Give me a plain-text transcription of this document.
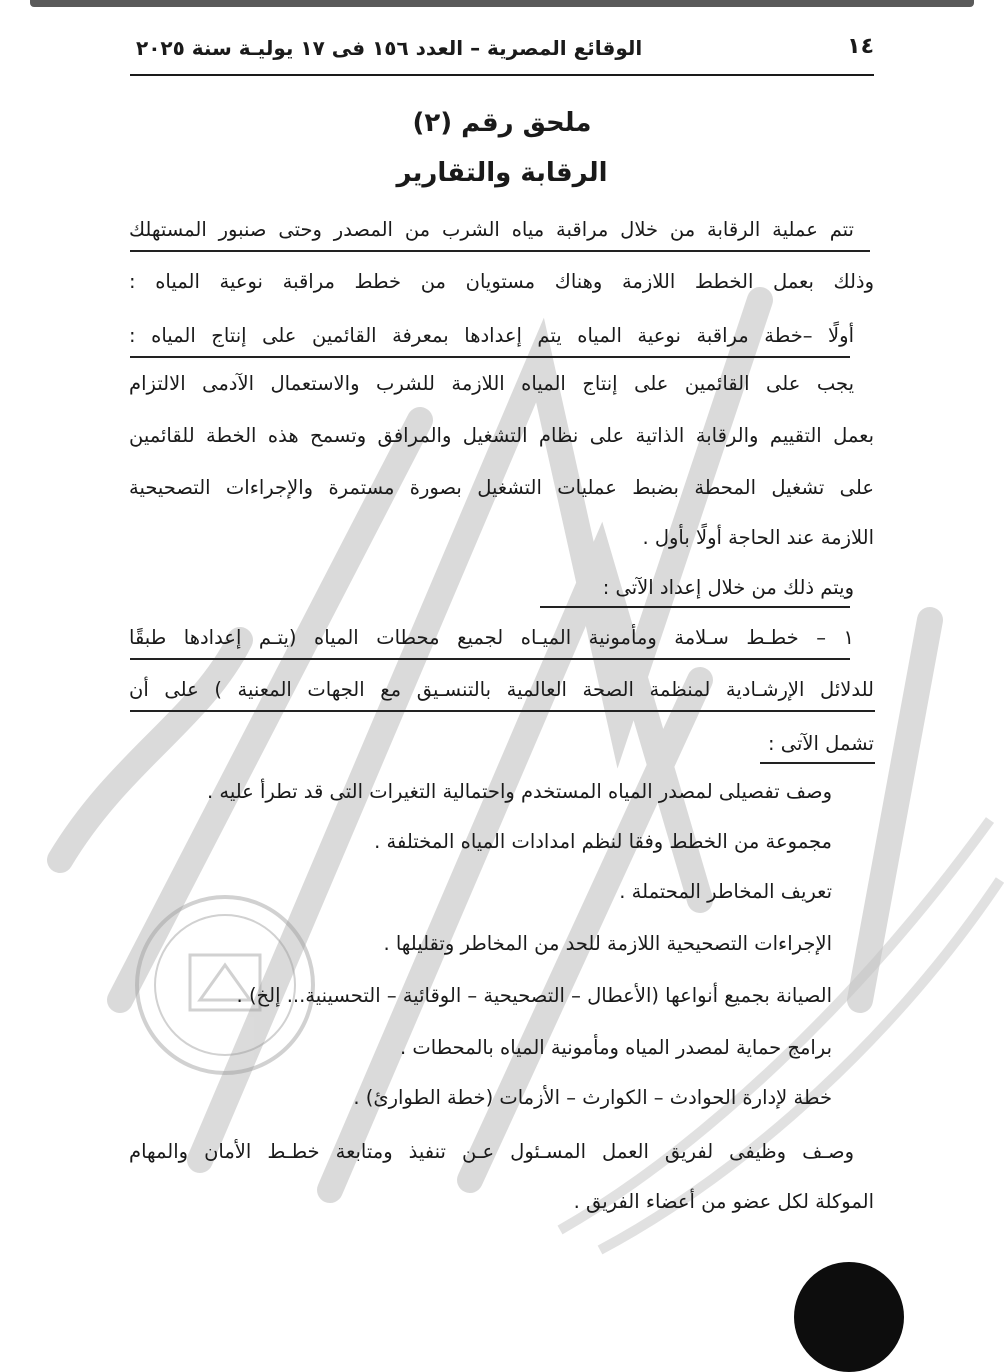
١٤
الوقائع المصرية – العدد ١٥٦ فى ١٧ يوليـة سنة ٢٠٢٥
ملحق رقم (٢)
الرقابة والتقارير
تتم عملية الرقابة من خلال مراقبة مياه الشرب من المصدر وحتى صنبور المستهلك
وذلك بعمل الخطط اللازمة وهناك مستويان من خطط مراقبة نوعية المياه :
أولًا –خطة مراقبة نوعية المياه يتم إعدادها بمعرفة القائمين على إنتاج المياه :
يجب على القائمين على إنتاج المياه اللازمة للشرب والاستعمال الآدمى الالتزام
بعمل التقييم والرقابة الذاتية على نظام التشغيل والمرافق وتسمح هذه الخطة للقائمين
على تشغيل المحطة بضبط عمليات التشغيل بصورة مستمرة والإجراءات التصحيحية
اللازمة عند الحاجة أولًا بأول .
ويتم ذلك من خلال إعداد الآتى :
١ – خطـط سـلامة ومأمونية الميـاه لجميع محطات المياه (يتـم إعدادها طبقًا
للدلائل الإرشـادية لمنظمة الصحة العالمية بالتنسـيق مع الجهات المعنية ) على أن
تشمل الآتى :
وصف تفصيلى لمصدر المياه المستخدم واحتمالية التغيرات التى قد تطرأ عليه .
مجموعة من الخطط وفقا لنظم امدادات المياه المختلفة .
تعريف المخاطر المحتملة .
الإجراءات التصحيحية اللازمة للحد من المخاطر وتقليلها .
الصيانة بجميع أنواعها (الأعطال – التصحيحية – الوقائية – التحسينية... إلخ) .
برامج حماية لمصدر المياه ومأمونية المياه بالمحطات .
خطة لإدارة الحوادث – الكوارث – الأزمات (خطة الطوارئ) .
وصـف وظيفى لفريق العمل المسـئول عـن تنفيذ ومتابعة خطـط الأمان والمهام
الموكلة لكل عضو من أعضاء الفريق .
